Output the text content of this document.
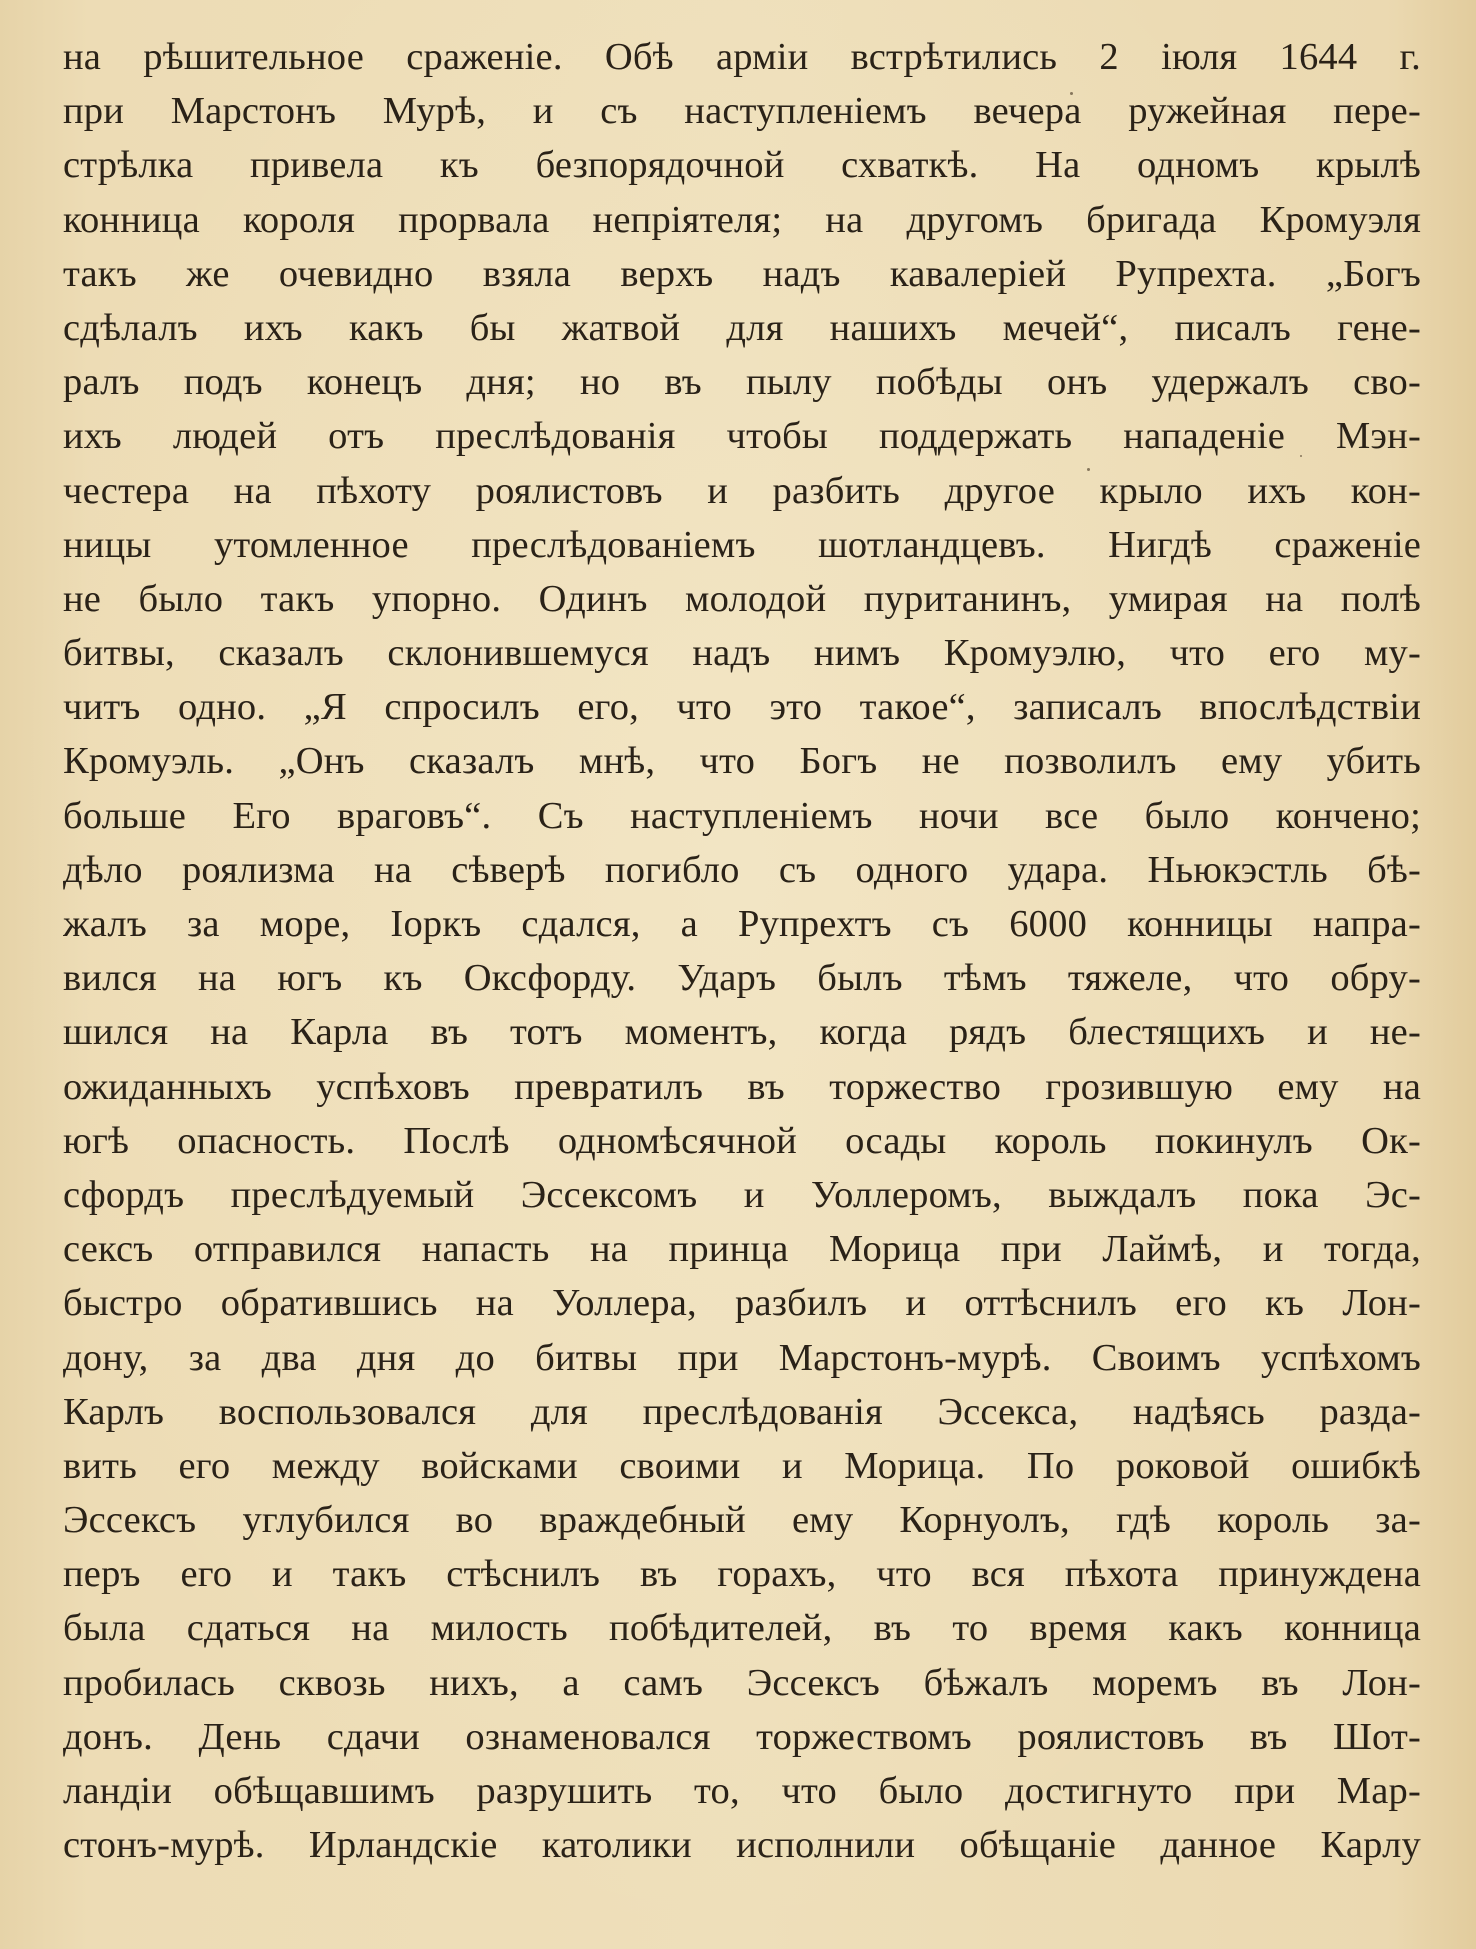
на рѣшительное сраженіе. Обѣ арміи встрѣтились 2 іюля 1644 г.
при Марстонъ Мурѣ, и съ наступленіемъ вечера ружейная пере-
стрѣлка привела къ безпорядочной схваткѣ. На одномъ крылѣ
конница короля прорвала непріятеля; на другомъ бригада Кромуэля
такъ же очевидно взяла верхъ надъ кавалеріей Рупрехта. „Богъ
сдѣлалъ ихъ какъ бы жатвой для нашихъ мечей“, писалъ гене-
ралъ подъ конецъ дня; но въ пылу побѣды онъ удержалъ сво-
ихъ людей отъ преслѣдованія чтобы поддержать нападеніе Мэн-
честера на пѣхоту роялистовъ и разбить другое крыло ихъ кон-
ницы утомленное преслѣдованіемъ шотландцевъ. Нигдѣ сраженіе
не было такъ упорно. Одинъ молодой пуританинъ, умирая на полѣ
битвы, сказалъ склонившемуся надъ нимъ Кромуэлю, что его му-
читъ одно. „Я спросилъ его, что это такое“, записалъ впослѣдствіи
Кромуэль. „Онъ сказалъ мнѣ, что Богъ не позволилъ ему убить
больше Его враговъ“. Съ наступленіемъ ночи все было кончено;
дѣло роялизма на сѣверѣ погибло съ одного удара. Ньюкэстль бѣ-
жалъ за море, Іоркъ сдался, а Рупрехтъ съ 6000 конницы напра-
вился на югъ къ Оксфорду. Ударъ былъ тѣмъ тяжеле, что обру-
шился на Карла въ тотъ моментъ, когда рядъ блестящихъ и не-
ожиданныхъ успѣховъ превратилъ въ торжество грозившую ему на
югѣ опасность. Послѣ одномѣсячной осады король покинулъ Ок-
сфордъ преслѣдуемый Эссексомъ и Уоллеромъ, выждалъ пока Эс-
сексъ отправился напасть на принца Морица при Лаймѣ, и тогда,
быстро обратившись на Уоллера, разбилъ и оттѣснилъ его къ Лон-
дону, за два дня до битвы при Марстонъ-мурѣ. Своимъ успѣхомъ
Карлъ воспользовался для преслѣдованія Эссекса, надѣясь разда-
вить его между войсками своими и Морица. По роковой ошибкѣ
Эссексъ углубился во враждебный ему Корнуолъ, гдѣ король за-
перъ его и такъ стѣснилъ въ горахъ, что вся пѣхота принуждена
была сдаться на милость побѣдителей, въ то время какъ конница
пробилась сквозь нихъ, а самъ Эссексъ бѣжалъ моремъ въ Лон-
донъ. День сдачи ознаменовался торжествомъ роялистовъ въ Шот-
ландіи обѣщавшимъ разрушить то, что было достигнуто при Мар-
стонъ-мурѣ. Ирландскіе католики исполнили обѣщаніе данное Карлу
